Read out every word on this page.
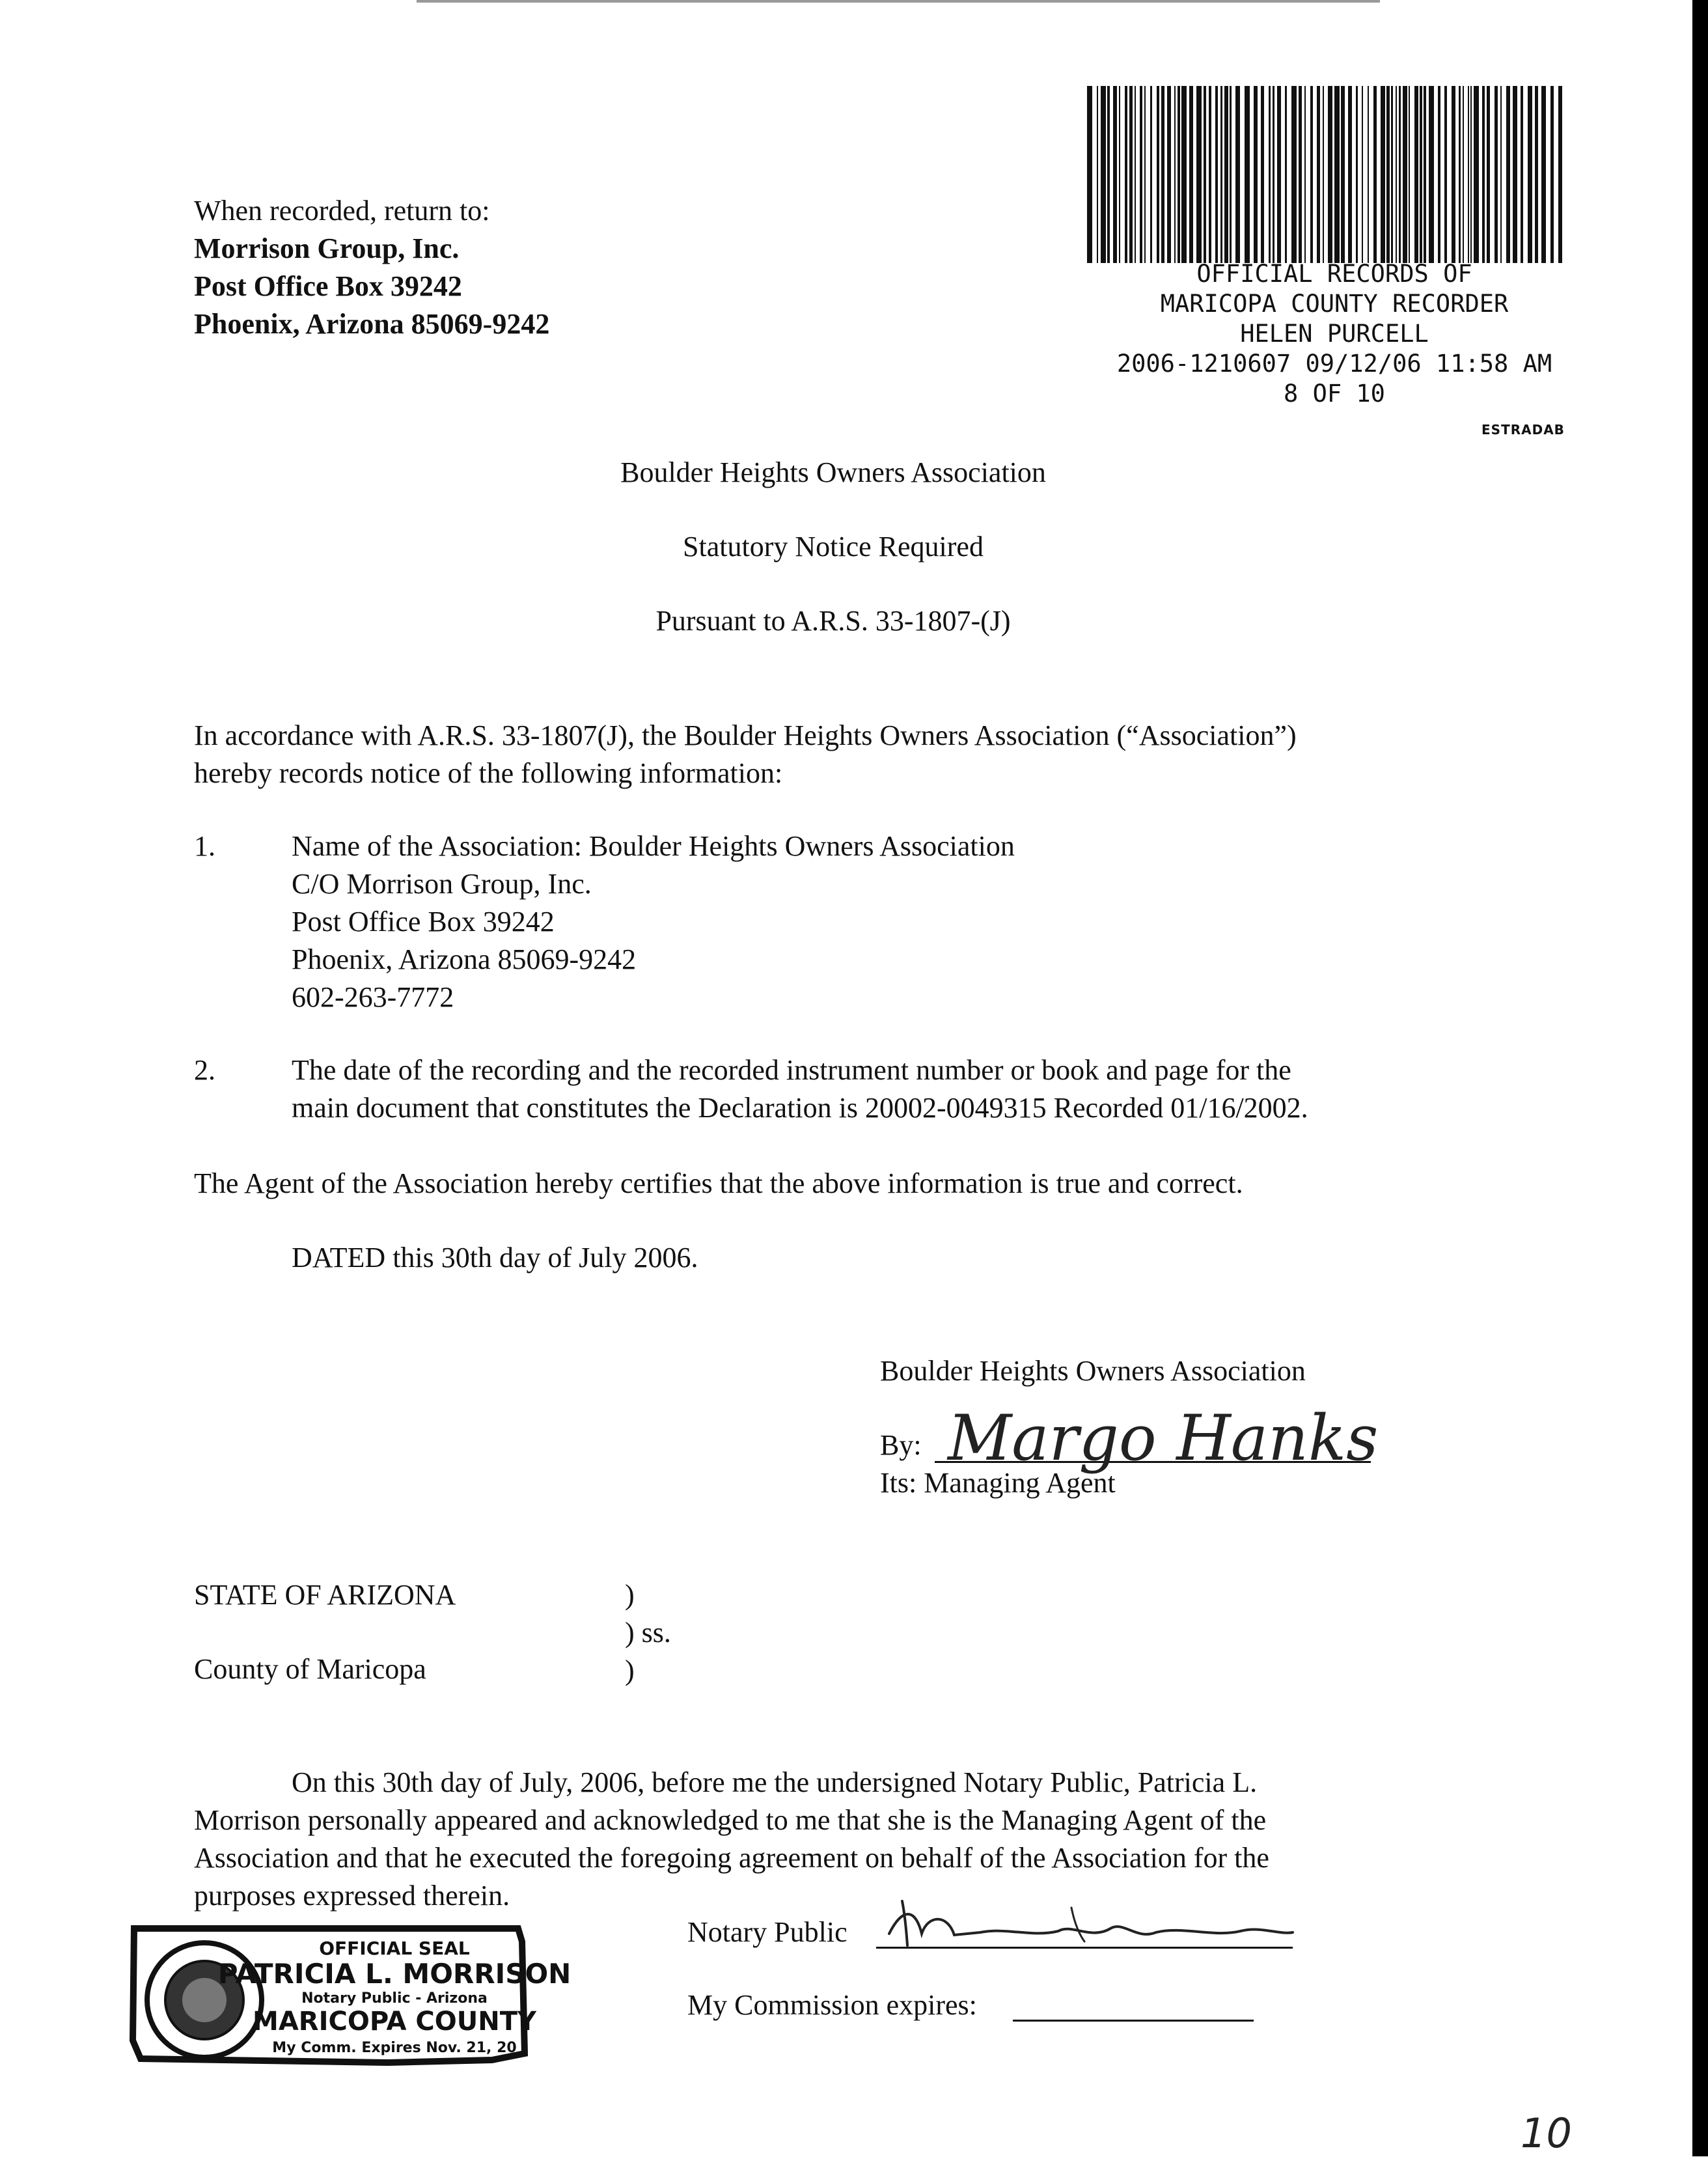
When recorded, return to:
Morrison Group, Inc.
Post Office Box 39242
Phoenix, Arizona 85069-9242
OFFICIAL RECORDS OF
MARICOPA COUNTY RECORDER
HELEN PURCELL
2006-1210607 09/12/06 11:58 AM
8 OF 10
ESTRADAB
Boulder Heights Owners Association
Statutory Notice Required
Pursuant to A.R.S. 33-1807-(J)
In accordance with A.R.S. 33-1807(J), the Boulder Heights Owners Association (“Association”)
hereby records notice of the following information:
1.	Name of the Association: Boulder Heights Owners Association
C/O Morrison Group, Inc.
Post Office Box 39242
Phoenix, Arizona 85069-9242
602-263-7772
2.	The date of the recording and the recorded instrument number or book and page for the
main document that constitutes the Declaration is 20002-0049315 Recorded 01/16/2002.
The Agent of the Association hereby certifies that the above information is true and correct.
DATED this 30th day of July 2006.
Boulder Heights Owners Association
By: Margo Hanks
Its: Managing Agent
STATE OF ARIZONA
County of Maricopa
)
) ss.
)
On this 30th day of July, 2006, before me the undersigned Notary Public, Patricia L.
Morrison personally appeared and acknowledged to me that she is the Managing Agent of the
Association and that he executed the foregoing agreement on behalf of the Association for the
purposes expressed therein.
Notary Public
My Commission expires:
OFFICIAL SEAL
PATRICIA L. MORRISON
Notary Public - Arizona
MARICOPA COUNTY
My Comm. Expires Nov. 21, 20
10
